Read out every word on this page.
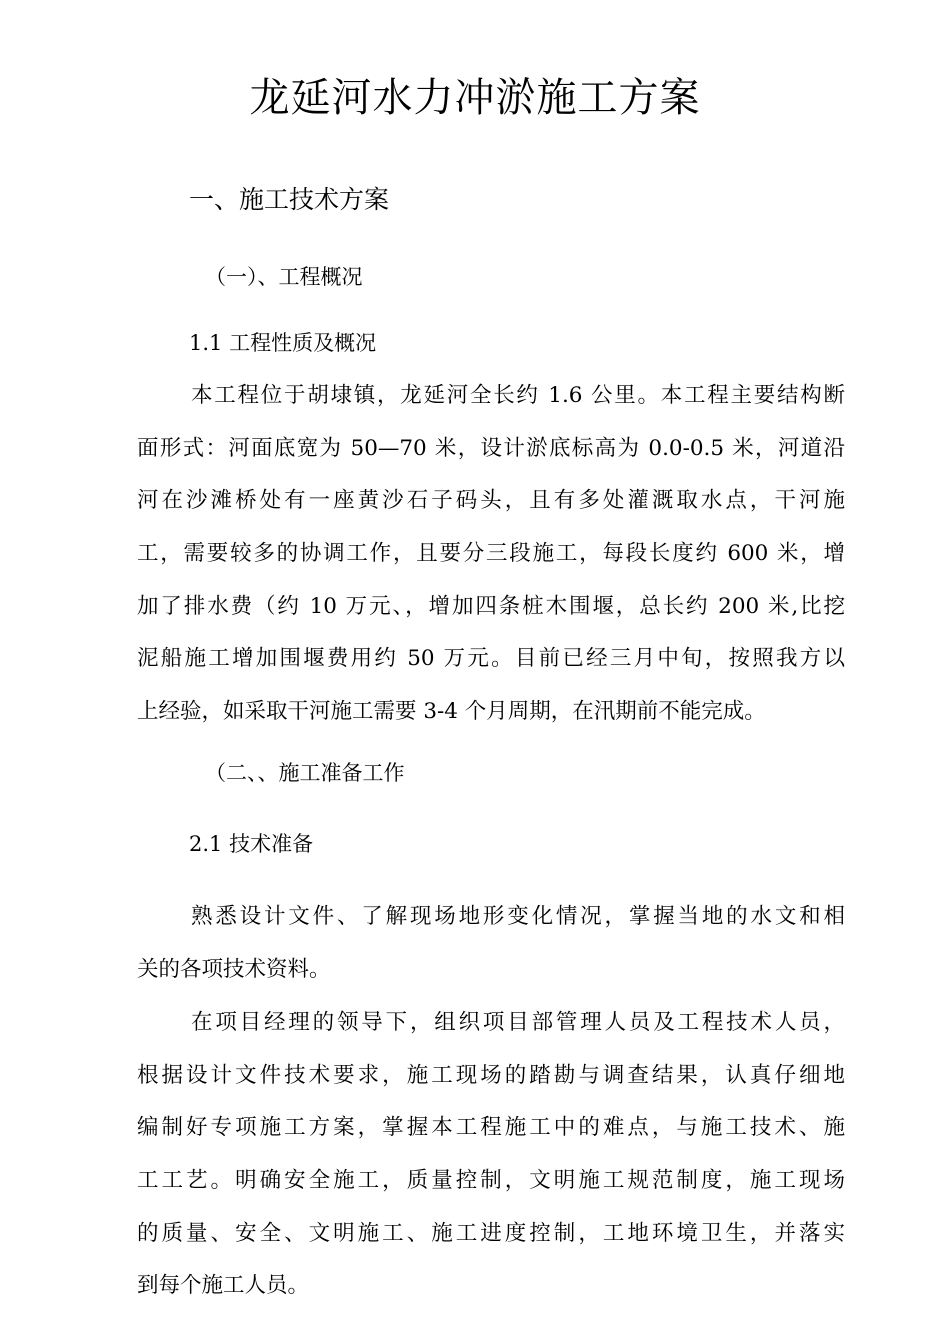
龙延河水力冲淤施工方案
一、施工技术方案
（一）、工程概况
1.1 工程性质及概况
本工程位于胡埭镇，龙延河全长约 1.6 公里。本工程主要结构断
面形式：河面底宽为 50—70 米，设计淤底标高为 0.0-0.5 米，河道沿
河在沙滩桥处有一座黄沙石子码头，且有多处灌溉取水点，干河施
工，需要较多的协调工作，且要分三段施工，每段长度约 600 米，增
加了排水费（约 10 万元、，增加四条桩木围堰，总长约 200 米,比挖
泥船施工增加围堰费用约 50 万元。目前已经三月中旬，按照我方以
上经验，如采取干河施工需要 3-4 个月周期，在汛期前不能完成。
（二、、施工准备工作
2.1 技术准备
熟悉设计文件、了解现场地形变化情况，掌握当地的水文和相
关的各项技术资料。
在项目经理的领导下，组织项目部管理人员及工程技术人员，
根据设计文件技术要求，施工现场的踏勘与调查结果，认真仔细地
编制好专项施工方案，掌握本工程施工中的难点，与施工技术、施
工工艺。明确安全施工，质量控制，文明施工规范制度，施工现场
的质量、安全、文明施工、施工进度控制，工地环境卫生，并落实
到每个施工人员。
